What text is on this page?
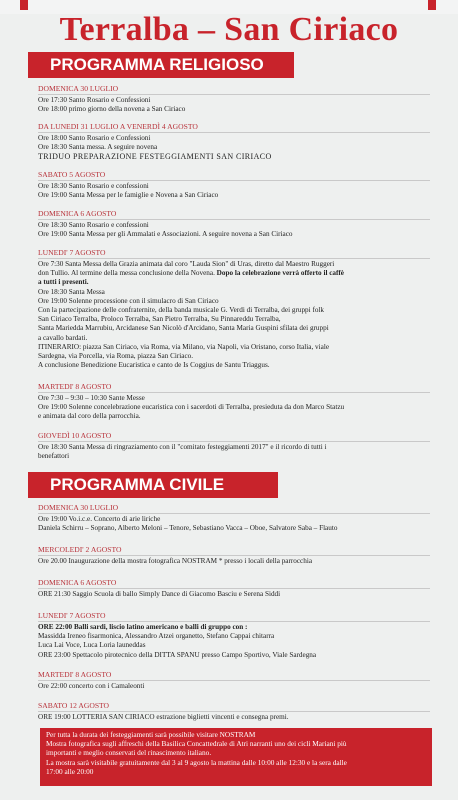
Terralba – San Ciriaco
PROGRAMMA RELIGIOSO
DOMENICA 30 LUGLIO
Ore 17:30 Santo Rosario e Confessioni
Ore 18:00 primo giorno della novena a San Ciriaco
DA LUNEDI 31 LUGLIO A VENERDÌ 4 AGOSTO
Ore 18:00 Santo Rosario e Confessioni
Ore 18:30 Santa messa. A seguire novena
TRIDUO PREPARAZIONE FESTEGGIAMENTI SAN CIRIACO
SABATO 5 AGOSTO
Ore 18:30 Santo Rosario e confessioni
Ore 19:00 Santa Messa per le famiglie e Novena a San Ciriaco
DOMENICA 6 AGOSTO
Ore 18:30 Santo Rosario e confessioni
Ore 19:00 Santa Messa per gli Ammalati e Associazioni. A seguire novena a San Ciriaco
LUNEDI' 7 AGOSTO
Ore 7:30 Santa Messa della Grazia animata dal coro "Lauda Sion" di Uras, diretto dal Maestro Ruggeri
don Tullio. Al termine della messa conclusione della Novena. Dopo la celebrazione verrà offerto il caffè
a tutti i presenti.
Ore 18:30 Santa Messa
Ore 19:00 Solenne processione con il simulacro di San Ciriaco
Con la partecipazione delle confraternite, della banda musicale G. Verdi di Terralba, dei gruppi folk
San Ciriaco Terralba, Proloco Terralba, San Pietro Terralba, Su Pinnareddu Terralba,
Santa Mariedda Marrubiu, Arcidanese San Nicolò d'Arcidano, Santa Maria Guspini sfilata dei gruppi
a cavallo bardati.
ITINERARIO: piazza San Ciriaco, via Roma, via Milano, via Napoli, via Oristano, corso Italia, viale
Sardegna, via Porcella, via Roma, piazza San Ciriaco.
A conclusione Benedizione Eucaristica e canto de Is Coggius de Santu Triaggus.
MARTEDI' 8 AGOSTO
Ore 7:30 – 9:30 – 10:30 Sante Messe
Ore 19:00 Solenne concelebrazione eucaristica con i sacerdoti di Terralba, presieduta da don Marco Statzu
e animata dal coro della parrocchia.
GIOVEDÌ 10 AGOSTO
Ore 18:30 Santa Messa di ringraziamento con il "comitato festeggiamenti 2017" e il ricordo di tutti i
benefattori
PROGRAMMA CIVILE
DOMENICA 30 LUGLIO
Ore 19:00 Vo.i.c.e. Concerto di arie liriche
Daniela Schirru – Soprano, Alberto Meloni – Tenore, Sebastiano Vacca – Oboe, Salvatore Saba – Flauto
MERCOLEDI' 2 AGOSTO
Ore 20.00 Inaugurazione della mostra fotografica NOSTRAM * presso i locali della parrocchia
DOMENICA 6 AGOSTO
ORE 21:30 Saggio Scuola di ballo Simply Dance di Giacomo Basciu e Serena Siddi
LUNEDI' 7 AGOSTO
ORE 22:00 Balli sardi, liscio latino americano e balli di gruppo con :
Massidda Ireneo fisarmonica, Alessandro Atzei organetto, Stefano Cappai chitarra
Luca Lai Voce, Luca Loria launeddas
ORE 23:00 Spettacolo pirotecnico della DITTA SPANU presso Campo Sportivo, Viale Sardegna
MARTEDI' 8 AGOSTO
Ore 22:00 concerto con i Camaleonti
SABATO 12 AGOSTO
ORE 19:00 LOTTERIA SAN CIRIACO estrazione biglietti vincenti e consegna premi.
Per tutta la durata dei festeggiamenti sarà possibile visitare NOSTRAM
Mostra fotografica sugli affreschi della Basilica Concattedrale di Atri narranti uno dei cicli Mariani più
importanti e meglio conservati del rinascimento italiano.
La mostra sarà visitabile gratuitamente dal 3 al 9 agosto la mattina dalle 10:00 alle 12:30 e la sera dalle
17:00 alle 20:00
